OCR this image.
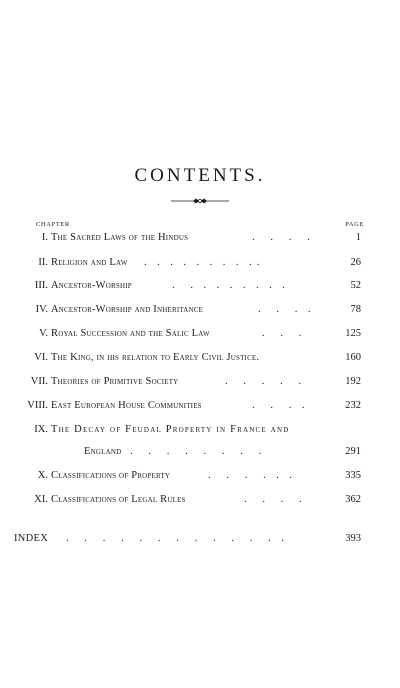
CONTENTS.
CHAPTER	PAGE
I. The Sacred Laws of the Hindus	.  .  .  .	1
II. Religion and Law . . . . . . . . . .	26
III. Ancestor-Worship	.  . . . . . . . .	52
IV. Ancestor-Worship and Inheritance	.  .  . .	78
V. Royal Succession and the Salic Law	.  .  .	125
VI. The King, in his relation to Early Civil Justice.	160
VII. Theories of Primitive Society	.  .  .  .  .	192
VIII. East European House Communities	.  .  . .	232
IX. The Decay of Feudal Property in France and
England .  .  .  .  .  .  .  .	291
X. Classifications of Property	.  .  .  . . .	335
XI. Classifications of Legal Rules	.  .  .  .	362
INDEX .  .  .  .  .  .  .  .  .  .  .  . .	393
